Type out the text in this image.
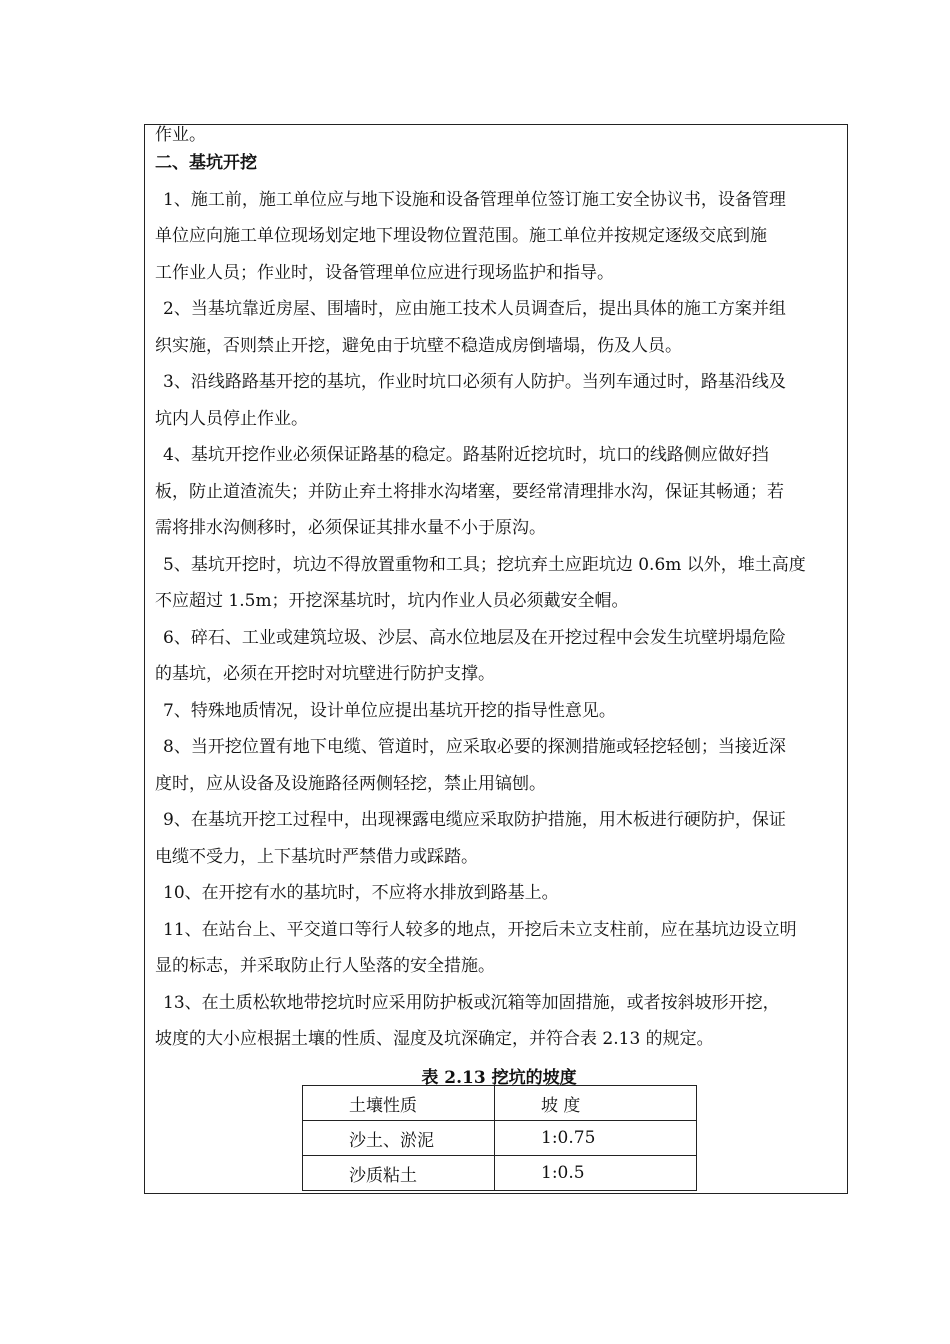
作业。
二、基坑开挖
1、施工前，施工单位应与地下设施和设备管理单位签订施工安全协议书，设备管理
单位应向施工单位现场划定地下埋设物位置范围。施工单位并按规定逐级交底到施
工作业人员；作业时，设备管理单位应进行现场监护和指导。
2、当基坑靠近房屋、围墙时，应由施工技术人员调查后，提出具体的施工方案并组
织实施，否则禁止开挖，避免由于坑壁不稳造成房倒墙塌，伤及人员。
3、沿线路路基开挖的基坑，作业时坑口必须有人防护。当列车通过时，路基沿线及
坑内人员停止作业。
4、基坑开挖作业必须保证路基的稳定。路基附近挖坑时，坑口的线路侧应做好挡
板，防止道渣流失；并防止弃土将排水沟堵塞，要经常清理排水沟，保证其畅通；若
需将排水沟侧移时，必须保证其排水量不小于原沟。
5、基坑开挖时，坑边不得放置重物和工具；挖坑弃土应距坑边 0.6m 以外，堆土高度
不应超过 1.5m；开挖深基坑时，坑内作业人员必须戴安全帽。
6、碎石、工业或建筑垃圾、沙层、高水位地层及在开挖过程中会发生坑壁坍塌危险
的基坑，必须在开挖时对坑壁进行防护支撑。
7、特殊地质情况，设计单位应提出基坑开挖的指导性意见。
8、当开挖位置有地下电缆、管道时，应采取必要的探测措施或轻挖轻刨；当接近深
度时，应从设备及设施路径两侧轻挖，禁止用镐刨。
9、在基坑开挖工过程中，出现裸露电缆应采取防护措施，用木板进行硬防护，保证
电缆不受力，上下基坑时严禁借力或踩踏。
10、在开挖有水的基坑时，不应将水排放到路基上。
11、在站台上、平交道口等行人较多的地点，开挖后未立支柱前，应在基坑边设立明
显的标志，并采取防止行人坠落的安全措施。
13、在土质松软地带挖坑时应采用防护板或沉箱等加固措施，或者按斜坡形开挖，
坡度的大小应根据土壤的性质、湿度及坑深确定，并符合表 2.13 的规定。
表 2.13 挖坑的坡度
土壤性质	坡 度
沙土、淤泥	1:0.75
沙质粘土	1:0.5
